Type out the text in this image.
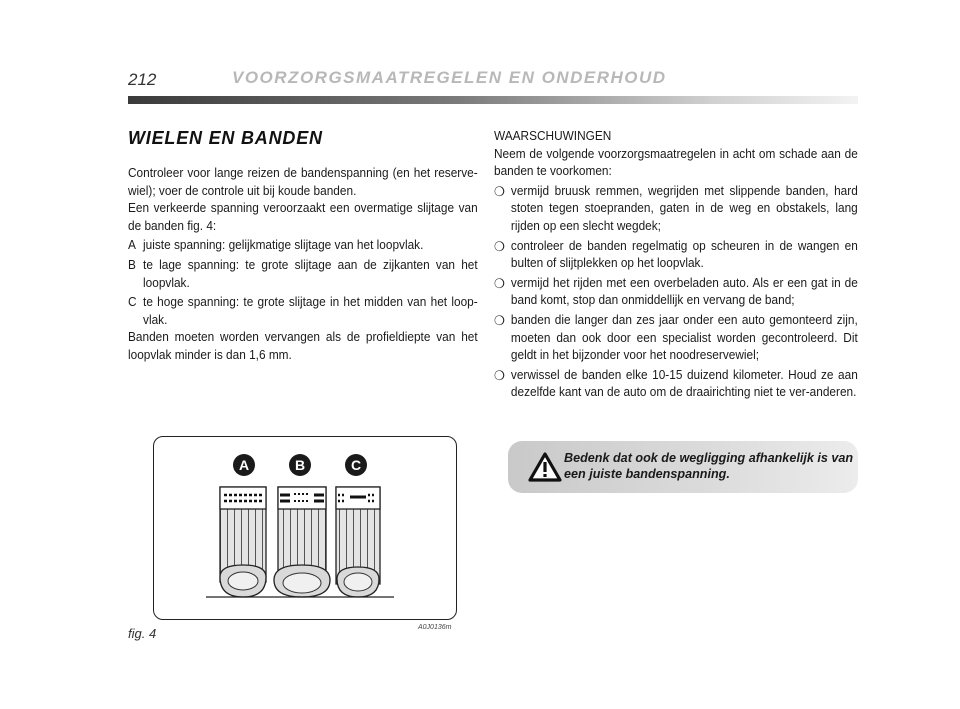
212	VOORZORGSMAATREGELEN EN ONDERHOUD
WIELEN EN BANDEN

Controleer voor lange reizen de bandenspanning (en het reserve-wiel); voer de controle uit bij koude banden.

Een verkeerde spanning veroorzaakt een overmatige slijtage van de banden fig. 4:

A juiste spanning: gelijkmatige slijtage van het loopvlak.
B te lage spanning: te grote slijtage aan de zijkanten van het loopvlak.
C te hoge spanning: te grote slijtage in het midden van het loop-vlak.

Banden moeten worden vervangen als de profieldiepte van het loopvlak minder is dan 1,6 mm.

WAARSCHUWINGEN

Neem de volgende voorzorgsmaatregelen in acht om schade aan de banden te voorkomen:

❍ vermijd bruusk remmen, wegrijden met slippende banden, hard stoten tegen stoepranden, gaten in de weg en obstakels, lang rijden op een slecht wegdek;
❍ controleer de banden regelmatig op scheuren in de wangen en bulten of slijtplekken op het loopvlak.
❍ vermijd het rijden met een overbeladen auto. Als er een gat in de band komt, stop dan onmiddellijk en vervang de band;
❍ banden die langer dan zes jaar onder een auto gemonteerd zijn, moeten dan ook door een specialist worden gecontroleerd. Dit geldt in het bijzonder voor het noodreservewiel;
❍ verwissel de banden elke 10-15 duizend kilometer. Houd ze aan dezelfde kant van de auto om de draairichting niet te ver-anderen.
Bedenk dat ook de wegligging afhankelijk is van een juiste bandenspanning.
A	B	C
fig. 4	A0J0136m
